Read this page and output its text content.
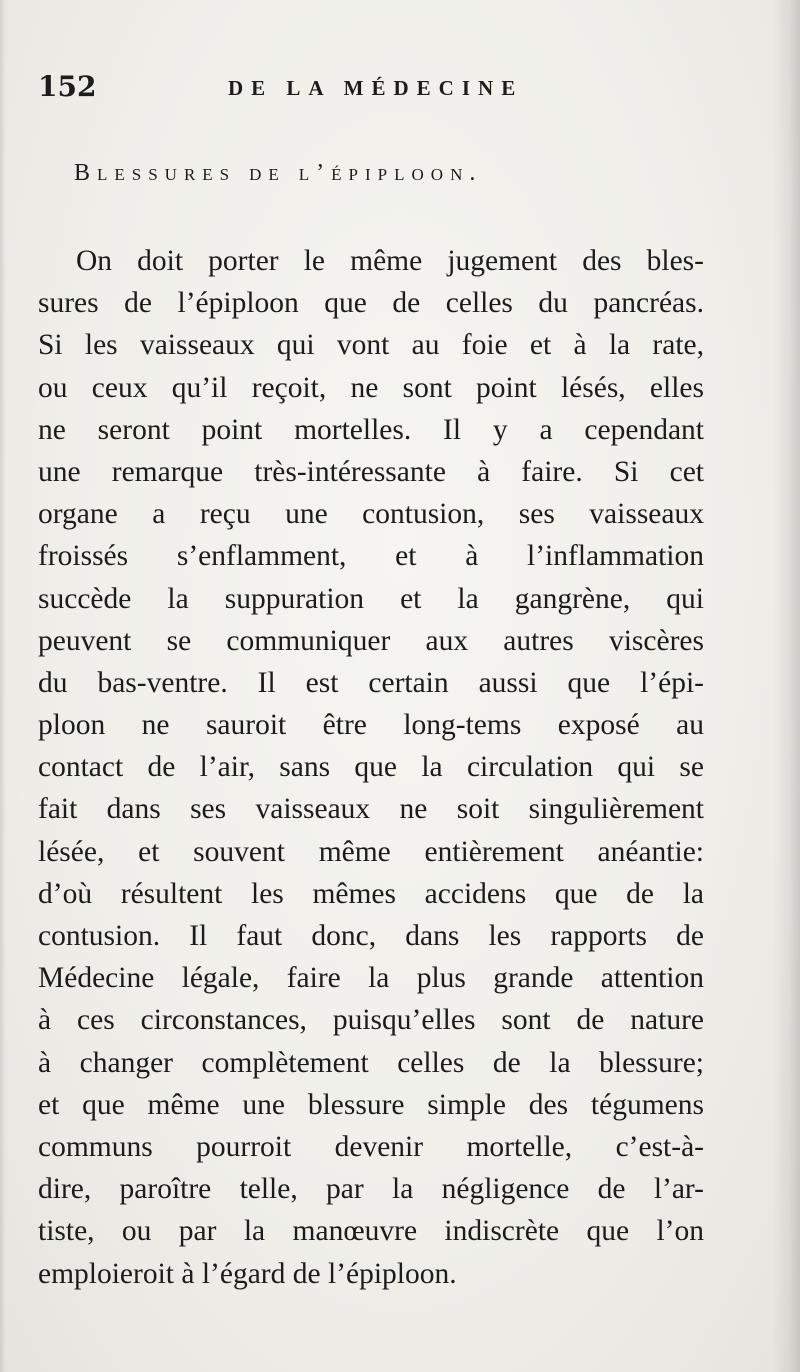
152	DE LA MÉDECINE
Blessures de l’épiploon.
On doit porter le même jugement des bles-
sures de l’épiploon que de celles du pancréas.
Si les vaisseaux qui vont au foie et à la rate,
ou ceux qu’il reçoit, ne sont point lésés, elles
ne seront point mortelles. Il y a cependant
une remarque très-intéressante à faire. Si cet
organe a reçu une contusion, ses vaisseaux
froissés s’enflamment, et à l’inflammation
succède la suppuration et la gangrène, qui
peuvent se communiquer aux autres viscères
du bas-ventre. Il est certain aussi que l’épi-
ploon ne sauroit être long-tems exposé au
contact de l’air, sans que la circulation qui se
fait dans ses vaisseaux ne soit singulièrement
lésée, et souvent même entièrement anéantie:
d’où résultent les mêmes accidens que de la
contusion. Il faut donc, dans les rapports de
Médecine légale, faire la plus grande attention
à ces circonstances, puisqu’elles sont de nature
à changer complètement celles de la blessure;
et que même une blessure simple des tégumens
communs pourroit devenir mortelle, c’est-à-
dire, paroître telle, par la négligence de l’ar-
tiste, ou par la manœuvre indiscrète que l’on
emploieroit à l’égard de l’épiploon.
